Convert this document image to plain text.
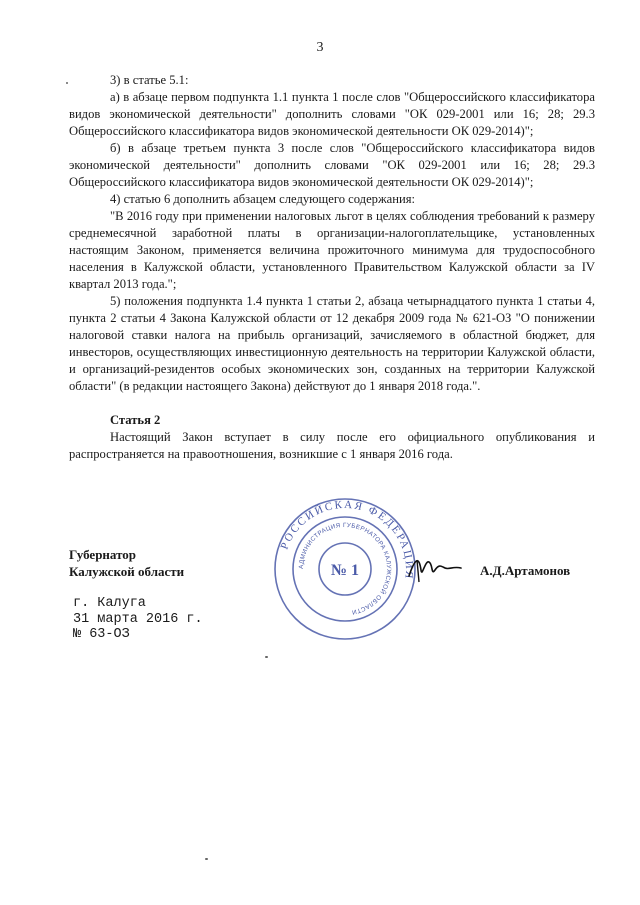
3

3) в статье 5.1:

а) в абзаце первом подпункта 1.1 пункта 1 после слов "Общероссийского классификатора видов экономической деятельности" дополнить словами "ОК 029-2001 или 16; 28; 29.3 Общероссийского классификатора видов экономической деятельности ОК 029-2014)";

б) в абзаце третьем пункта 3 после слов "Общероссийского классификатора видов экономической деятельности" дополнить словами "ОК 029-2001 или 16; 28; 29.3 Общероссийского классификатора видов экономической деятельности ОК 029-2014)";

4) статью 6 дополнить абзацем следующего содержания:

"В 2016 году при применении налоговых льгот в целях соблюдения требований к размеру среднемесячной заработной платы в организации-налогоплательщике, установленных настоящим Законом, применяется величина прожиточного минимума для трудоспособного населения в Калужской области, установленного Правительством Калужской области за IV квартал 2013 года.";

5) положения подпункта 1.4 пункта 1 статьи 2, абзаца четырнадцатого пункта 1 статьи 4, пункта 2 статьи 4 Закона Калужской области от 12 декабря 2009 года № 621-ОЗ "О понижении налоговой ставки налога на прибыль организаций, зачисляемого в областной бюджет, для инвесторов, осуществляющих инвестиционную деятельность на территории Калужской области, и организаций-резидентов особых экономических зон, созданных на территории Калужской области" (в редакции настоящего Закона) действуют до 1 января 2018 года.".

Статья 2

Настоящий Закон вступает в силу после его официального опубликования и распространяется на правоотношения, возникшие с 1 января 2016 года.

Губернатор
Калужской области	А.Д.Артамонов
РОССИЙСКАЯ ФЕДЕРАЦИЯ
АДМИНИСТРАЦИЯ ГУБЕРНАТОРА КАЛУЖСКОЙ ОБЛАСТИ
№ 1
г. Калуга
31 марта 2016 г.
№ 63-ОЗ
